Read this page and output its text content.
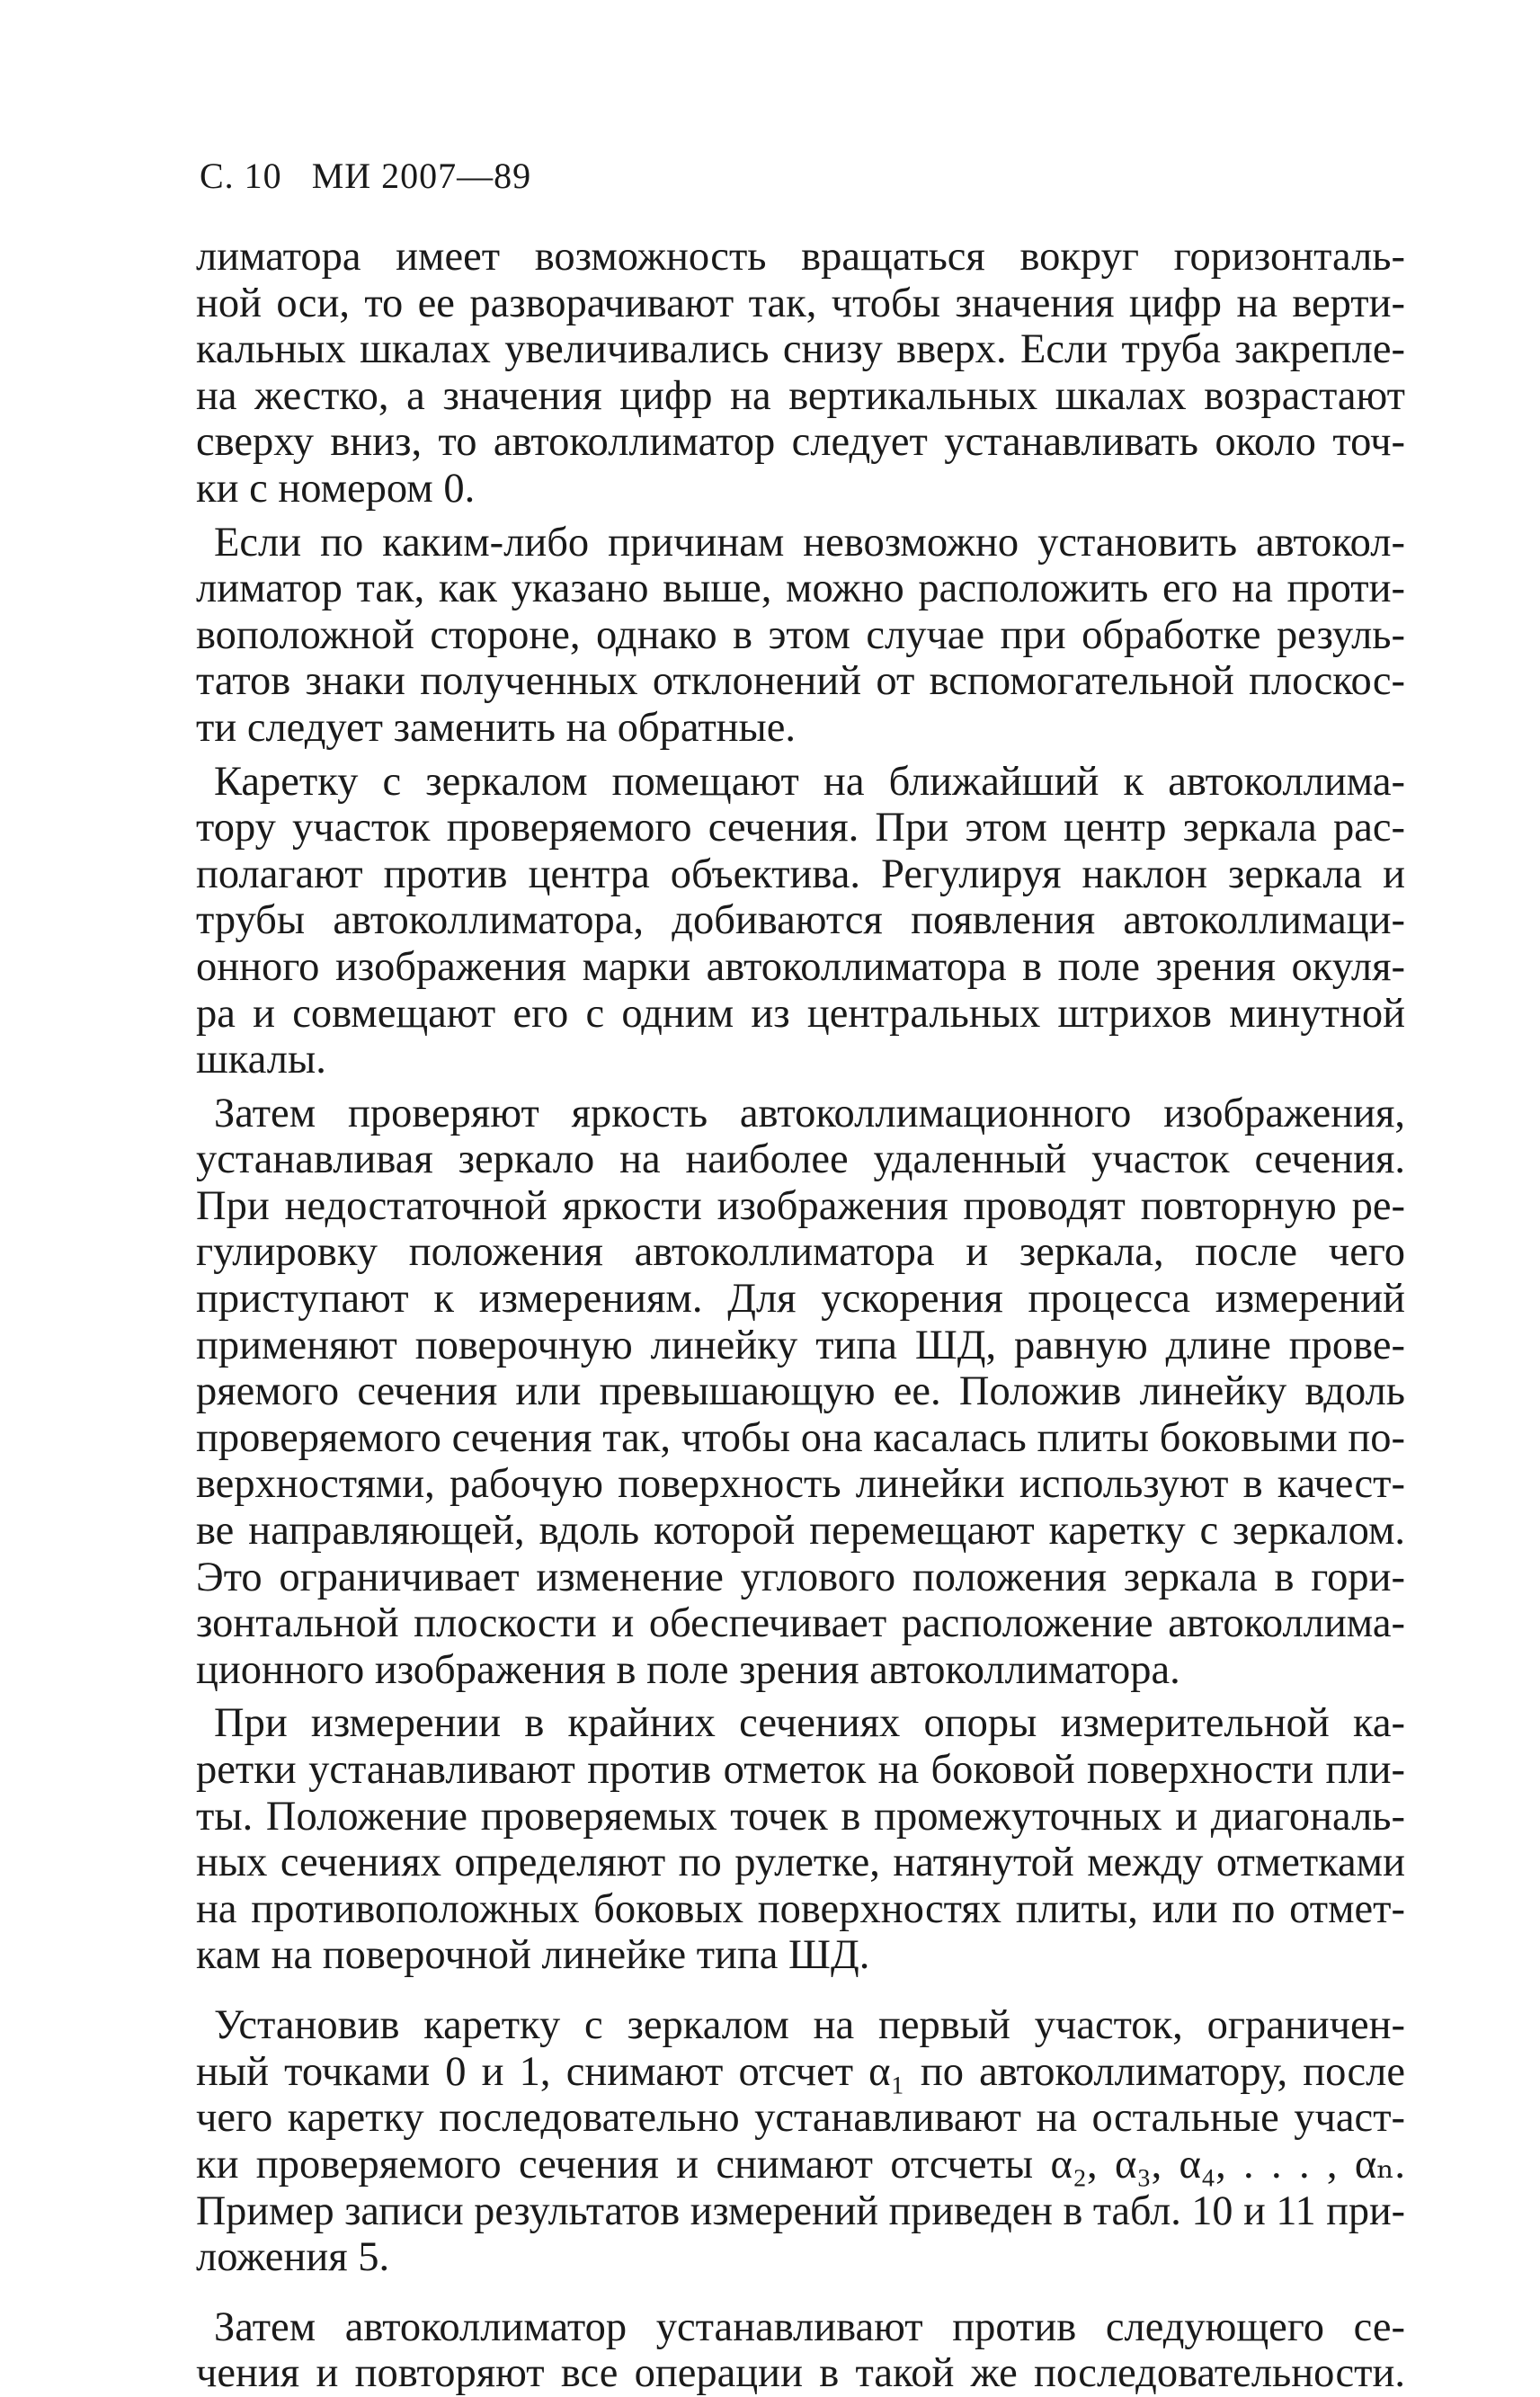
С. 10 МИ 2007—89

лиматора имеет возможность вращаться вокруг горизонталь-
ной оси, то ее разворачивают так, чтобы значения цифр на верти-
кальных шкалах увеличивались снизу вверх. Если труба закрепле-
на жестко, а значения цифр на вертикальных шкалах возрастают
сверху вниз, то автоколлиматор следует устанавливать около точ-
ки с номером 0.

Если по каким-либо причинам невозможно установить автокол-
лиматор так, как указано выше, можно расположить его на проти-
воположной стороне, однако в этом случае при обработке резуль-
татов знаки полученных отклонений от вспомогательной плоскос-
ти следует заменить на обратные.

Каретку с зеркалом помещают на ближайший к автоколлима-
тору участок проверяемого сечения. При этом центр зеркала рас-
полагают против центра объектива. Регулируя наклон зеркала и
трубы автоколлиматора, добиваются появления автоколлимаци-
онного изображения марки автоколлиматора в поле зрения окуля-
ра и совмещают его с одним из центральных штрихов минутной
шкалы.

Затем проверяют яркость автоколлимационного изображения,
устанавливая зеркало на наиболее удаленный участок сечения.
При недостаточной яркости изображения проводят повторную ре-
гулировку положения автоколлиматора и зеркала, после чего
приступают к измерениям. Для ускорения процесса измерений
применяют поверочную линейку типа ШД, равную длине прове-
ряемого сечения или превышающую ее. Положив линейку вдоль
проверяемого сечения так, чтобы она касалась плиты боковыми по-
верхностями, рабочую поверхность линейки используют в качест-
ве направляющей, вдоль которой перемещают каретку с зеркалом.
Это ограничивает изменение углового положения зеркала в гори-
зонтальной плоскости и обеспечивает расположение автоколлима-
ционного изображения в поле зрения автоколлиматора.

При измерении в крайних сечениях опоры измерительной ка-
ретки устанавливают против отметок на боковой поверхности пли-
ты. Положение проверяемых точек в промежуточных и диагональ-
ных сечениях определяют по рулетке, натянутой между отметками
на противоположных боковых поверхностях плиты, или по отмет-
кам на поверочной линейке типа ШД.

Установив каретку с зеркалом на первый участок, ограничен-
ный точками 0 и 1, снимают отсчет α₁ по автоколлиматору, после
чего каретку последовательно устанавливают на остальные участ-
ки проверяемого сечения и снимают отсчеты α₂, α₃, α₄, . . . , αₙ.
Пример записи результатов измерений приведен в табл. 10 и 11 при-
ложения 5.

Затем автоколлиматор устанавливают против следующего се-
чения и повторяют все операции в такой же последовательности.
